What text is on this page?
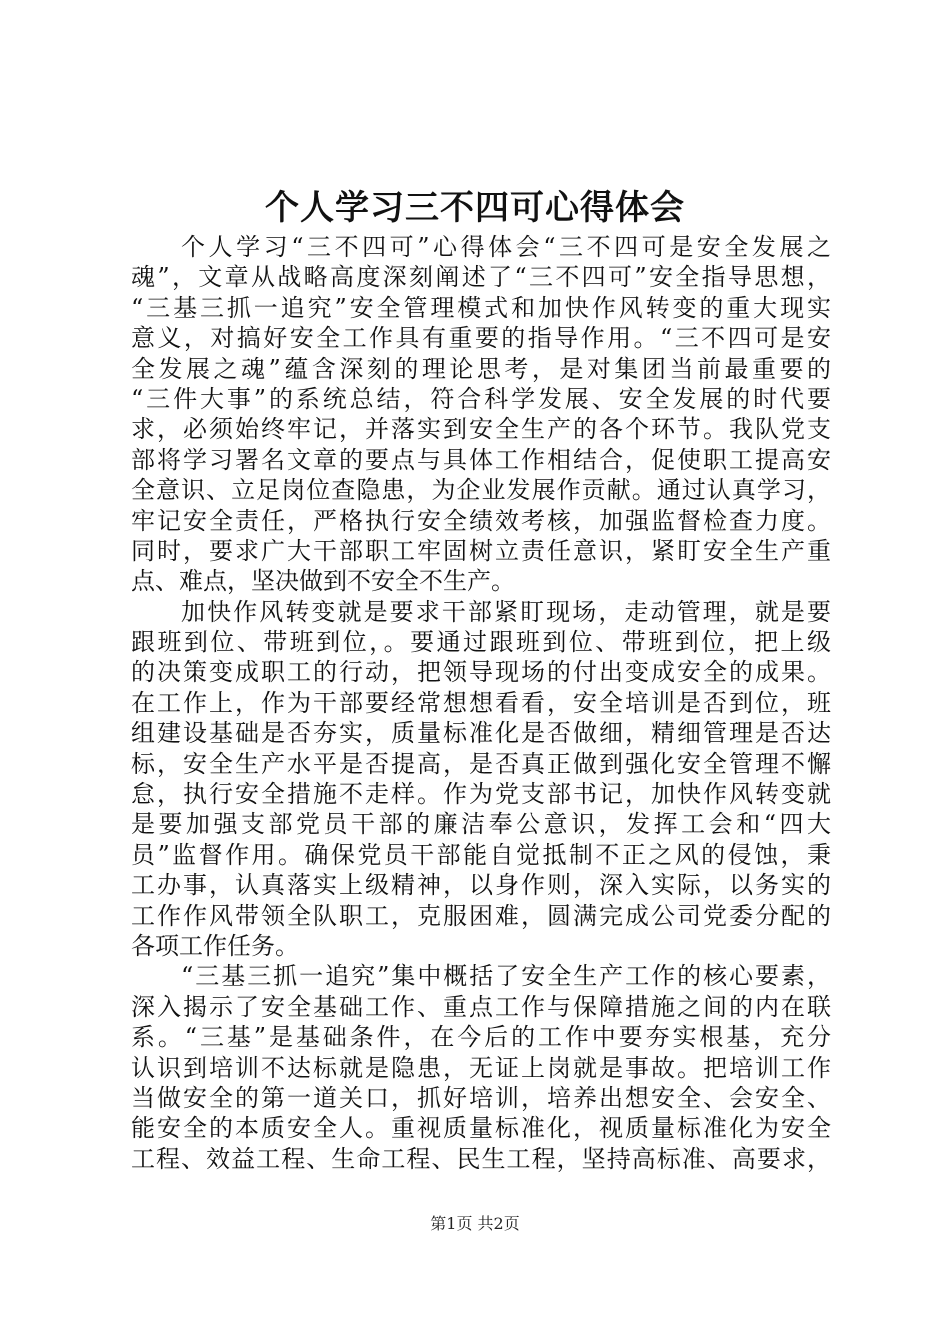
个人学习三不四可心得体会
个人学习“三不四可”心得体会“三不四可是安全发展之
魂”，文章从战略高度深刻阐述了“三不四可”安全指导思想，
“三基三抓一追究”安全管理模式和加快作风转变的重大现实
意义，对搞好安全工作具有重要的指导作用。“三不四可是安
全发展之魂”蕴含深刻的理论思考，是对集团当前最重要的
“三件大事”的系统总结，符合科学发展、安全发展的时代要
求，必须始终牢记，并落实到安全生产的各个环节。我队党支
部将学习署名文章的要点与具体工作相结合，促使职工提高安
全意识、立足岗位查隐患，为企业发展作贡献。通过认真学习，
牢记安全责任，严格执行安全绩效考核，加强监督检查力度。
同时，要求广大干部职工牢固树立责任意识，紧盯安全生产重
点、难点，坚决做到不安全不生产。
加快作风转变就是要求干部紧盯现场，走动管理，就是要
跟班到位、带班到位，。要通过跟班到位、带班到位，把上级
的决策变成职工的行动，把领导现场的付出变成安全的成果。
在工作上，作为干部要经常想想看看，安全培训是否到位，班
组建设基础是否夯实，质量标准化是否做细，精细管理是否达
标，安全生产水平是否提高，是否真正做到强化安全管理不懈
怠，执行安全措施不走样。作为党支部书记，加快作风转变就
是要加强支部党员干部的廉洁奉公意识，发挥工会和“四大
员”监督作用。确保党员干部能自觉抵制不正之风的侵蚀，秉
工办事，认真落实上级精神，以身作则，深入实际，以务实的
工作作风带领全队职工，克服困难，圆满完成公司党委分配的
各项工作任务。
“三基三抓一追究”集中概括了安全生产工作的核心要素，
深入揭示了安全基础工作、重点工作与保障措施之间的内在联
系。“三基”是基础条件，在今后的工作中要夯实根基，充分
认识到培训不达标就是隐患，无证上岗就是事故。把培训工作
当做安全的第一道关口，抓好培训，培养出想安全、会安全、
能安全的本质安全人。重视质量标准化，视质量标准化为安全
工程、效益工程、生命工程、民生工程，坚持高标准、高要求，
第1页 共2页
